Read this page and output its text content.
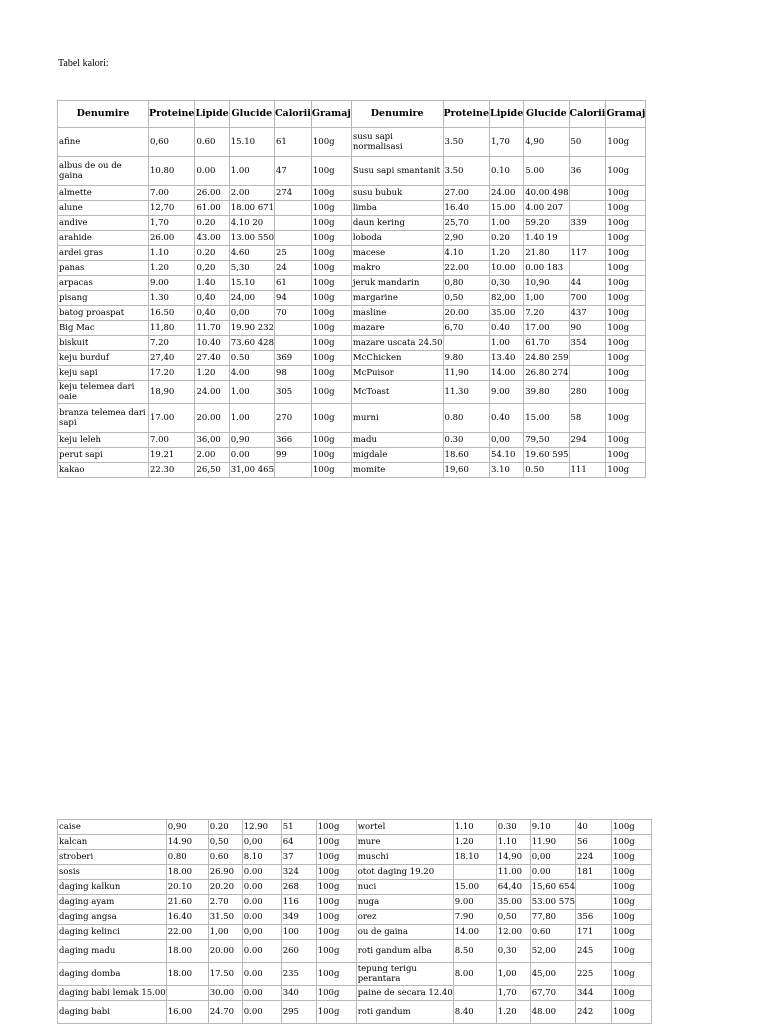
Tabel kalori:
Denumire	Proteine	Lipide	Glucide	Calorii	Gramaj	Denumire	Proteine	Lipide	Glucide	Calorii	Gramaj
afine	0,60	0.60	15.10	61	100g	susu sapi normalisasi	3.50	1,70	4,90	50	100g
albus de ou de gaina	10.80	0.00	1.00	47	100g	Susu sapi smantanit	3.50	0.10	5.00	36	100g
almette	7.00	26.00	2.00	274	100g	susu bubuk	27.00	24.00	40.00 498		100g
alune	12,70	61.00	18.00 671		100g	limba	16.40	15.00	4.00 207		100g
andive	1,70	0.20	4.10 20		100g	daun kering	25,70	1.00	59.20	339	100g
arahide	26.00	43.00	13.00 550		100g	loboda	2,90	0.20	1.40 19		100g
ardei gras	1.10	0.20	4.60	25	100g	macese	4.10	1.20	21.80	117	100g
panas	1.20	0,20	5,30	24	100g	makro	22.00	10.00	0.00 183		100g
arpacas	9.00	1.40	15.10	61	100g	jeruk mandarin	0,80	0,30	10,90	44	100g
pisang	1.30	0,40	24,00	94	100g	margarine	0,50	82,00	1,00	700	100g
batog proaspat	16.50	0,40	0,00	70	100g	masline	20.00	35.00	7.20	437	100g
Big Mac	11,80	11.70	19.90 232		100g	mazare	6,70	0.40	17.00	90	100g
biskuit	7.20	10.40	73.60 428		100g	mazare uscata 24.50		1.00	61.70	354	100g
keju burduf	27,40	27.40	0.50	369	100g	McChicken	9.80	13.40	24.80 259		100g
keju sapi	17.20	1.20	4.00	98	100g	McPuisor	11,90	14.00	26.80 274		100g
keju telemea dari oaie	18,90	24.00	1.00	305	100g	McToast	11.30	9.00	39.80	280	100g
branza telemea dari sapi	17.00	20.00	1.00	270	100g	murni	0.80	0.40	15.00	58	100g
keju leleh	7.00	36,00	0,90	366	100g	madu	0.30	0,00	79,50	294	100g
perut sapi	19.21	2.00	0.00	99	100g	migdale	18.60	54.10	19.60 595		100g
kakao	22.30	26,50	31,00 465		100g	momite	19,60	3.10	0.50	111	100g
caise	0,90	0.20	12.90	51	100g	wortel	1.10	0.30	9.10	40	100g
kalcan	14.90	0,50	0,00	64	100g	mure	1.20	1.10	11.90	56	100g
stroberi	0.80	0.60	8.10	37	100g	muschi	18.10	14,90	0,00	224	100g
sosis	18.00	26.90	0.00	324	100g	otot daging 19.20		11.00	0.00	181	100g
daging kalkun	20.10	20.20	0.00	268	100g	nuci	15.00	64,40	15,60 654		100g
daging ayam	21.60	2.70	0.00	116	100g	nuga	9.00	35.00	53.00 575		100g
daging angsa	16.40	31.50	0.00	349	100g	orez	7.90	0,50	77,80	356	100g
daging kelinci	22.00	1,00	0,00	100	100g	ou de gaina	14.00	12.00	0.60	171	100g
daging madu	18.00	20.00	0.00	260	100g	roti gandum alba	8.50	0,30	52,00	245	100g
daging domba	18.00	17.50	0.00	235	100g	tepung terigu perantara	8.00	1,00	45,00	225	100g
daging babi lemak 15.00		30.00	0.00	340	100g	paine de secara 12.40		1,70	67,70	344	100g
daging babi	16.00	24.70	0.00	295	100g	roti gandum	8.40	1.20	48.00	242	100g
